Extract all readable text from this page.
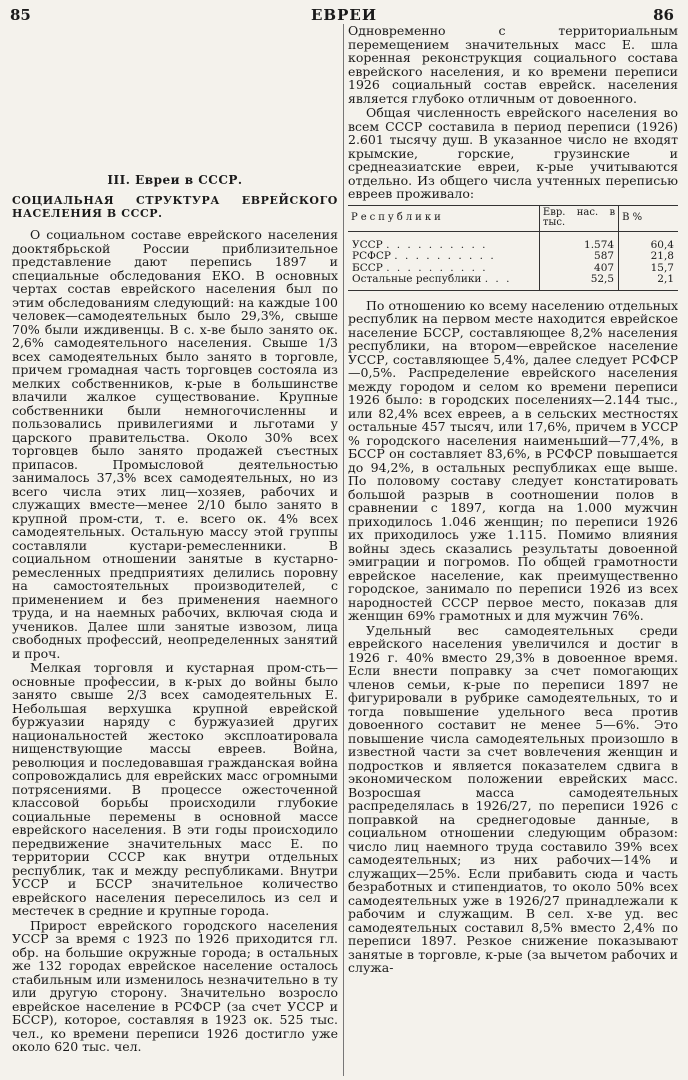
85	ЕВРЕИ	86
III. Евреи в СССР.
СОЦИАЛЬНАЯ СТРУКТУРА ЕВРЕЙСКОГО НАСЕЛЕНИЯ В СССР.

О социальном составе еврейского населения дооктябрьской России приблизительное представление дают перепись 1897 и специальные обследования ЕКО. В основных чертах состав еврейского населения был по этим обследованиям следующий: на каждые 100 человек—самодеятельных было 29,3%, свыше 70% были иждивенцы. В с. х-ве было занято ок. 2,6% самодеятельного населения. Свыше 1/3 всех самодеятельных было занято в торговле, причем громадная часть торговцев состояла из мелких собственников, к-рые в большинстве влачили жалкое существование. Крупные собственники были немногочисленны и пользовались привилегиями и льготами у царского правительства. Около 30% всех торговцев было занято продажей съестных припасов. Промысловой деятельностью занималось 37,3% всех самодеятельных, но из всего числа этих лиц—хозяев, рабочих и служащих вместе—менее 2/10 было занято в крупной пром-сти, т. е. всего ок. 4% всех самодеятельных. Остальную массу этой группы составляли кустари-ремесленники. В социальном отношении занятые в кустарно-ремесленных предприятиях делились поровну на самостоятельных производителей, с применением и без применения наемного труда, и на наемных рабочих, включая сюда и учеников. Далее шли занятые извозом, лица свободных профессий, неопределенных занятий и проч.

Мелкая торговля и кустарная пром-сть—основные профессии, в к-рых до войны было занято свыше 2/3 всех самодеятельных Е. Небольшая верхушка крупной еврейской буржуазии наряду с буржуазией других национальностей жестоко эксплоатировала нищенствующие массы евреев. Война, революция и последовавшая гражданская война сопровождались для еврейских масс огромными потрясениями. В процессе ожесточенной классовой борьбы происходили глубокие социальные перемены в основной массе еврейского населения. В эти годы происходило передвижение значительных масс Е. по территории СССР как внутри отдельных республик, так и между республиками. Внутри УССР и БССР значительное количество еврейского населения переселилось из сел и местечек в средние и крупные города.

Прирост еврейского городского населения УССР за время с 1923 по 1926 приходится гл. обр. на большие окружные города; в остальных же 132 городах еврейское население осталось стабильным или изменилось незначительно в ту или другую сторону. Значительно возросло еврейское население в РСФСР (за счет УССР и БССР), которое, составляя в 1923 ок. 525 тыс. чел., ко времени переписи 1926 достигло уже около 620 тыс. чел.

Одновременно с территориальным перемещением значительных масс Е. шла коренная реконструкция социального состава еврейского населения, и ко времени переписи 1926 социальный состав еврейск. населения является глубоко отличным от довоенного.

Общая численность еврейского населения во всем СССР составила в период переписи (1926) 2.601 тысячу душ. В указанное число не входят крымские, горские, грузинские и среднеазиатские евреи, к-рые учитываются отдельно. Из общего числа учтенных переписью евреев проживало:

Республики	Евр. нас. в тыс.	В %
УССР . . . . . . . . . .	1.574	60,4
РСФСР . . . . . . . . . .	587	21,8
БССР . . . . . . . . . .	407	15,7
Остальные республики . . .	52,5	2,1

По отношению ко всему населению отдельных республик на первом месте находится еврейское население БССР, составляющее 8,2% населения республики, на втором—еврейское население УССР, составляющее 5,4%, далее следует РСФСР—0,5%. Распределение еврейского населения между городом и селом ко времени переписи 1926 было: в городских поселениях—2.144 тыс., или 82,4% всех евреев, а в сельских местностях остальные 457 тысяч, или 17,6%, причем в УССР % городского населения наименьший—77,4%, в БССР он составляет 83,6%, в РСФСР повышается до 94,2%, в остальных республиках еще выше. По половому составу следует констатировать большой разрыв в соотношении полов в сравнении с 1897, когда на 1.000 мужчин приходилось 1.046 женщин; по переписи 1926 их приходилось уже 1.115. Помимо влияния войны здесь сказались результаты довоенной эмиграции и погромов. По общей грамотности еврейское население, как преимущественно городское, занимало по переписи 1926 из всех народностей СССР первое место, показав для женщин 69% грамотных и для мужчин 76%.

Удельный вес самодеятельных среди еврейского населения увеличился и достиг в 1926 г. 40% вместо 29,3% в довоенное время. Если внести поправку за счет помогающих членов семьи, к-рые по переписи 1897 не фигурировали в рубрике самодеятельных, то и тогда повышение удельного веса против довоенного составит не менее 5—6%. Это повышение числа самодеятельных произошло в известной части за счет вовлечения женщин и подростков и является показателем сдвига в экономическом положении еврейских масс. Возросшая масса самодеятельных распределялась в 1926/27, по переписи 1926 с поправкой на среднегодовые данные, в социальном отношении следующим образом: число лиц наемного труда составило 39% всех самодеятельных; из них рабочих—14% и служащих—25%. Если прибавить сюда и часть безработных и стипендиатов, то около 50% всех самодеятельных уже в 1926/27 принадлежали к рабочим и служащим. В сел. х-ве уд. вес самодеятельных составил 8,5% вместо 2,4% по переписи 1897. Резкое снижение показывают занятые в торговле, к-рые (за вычетом рабочих и служа-
